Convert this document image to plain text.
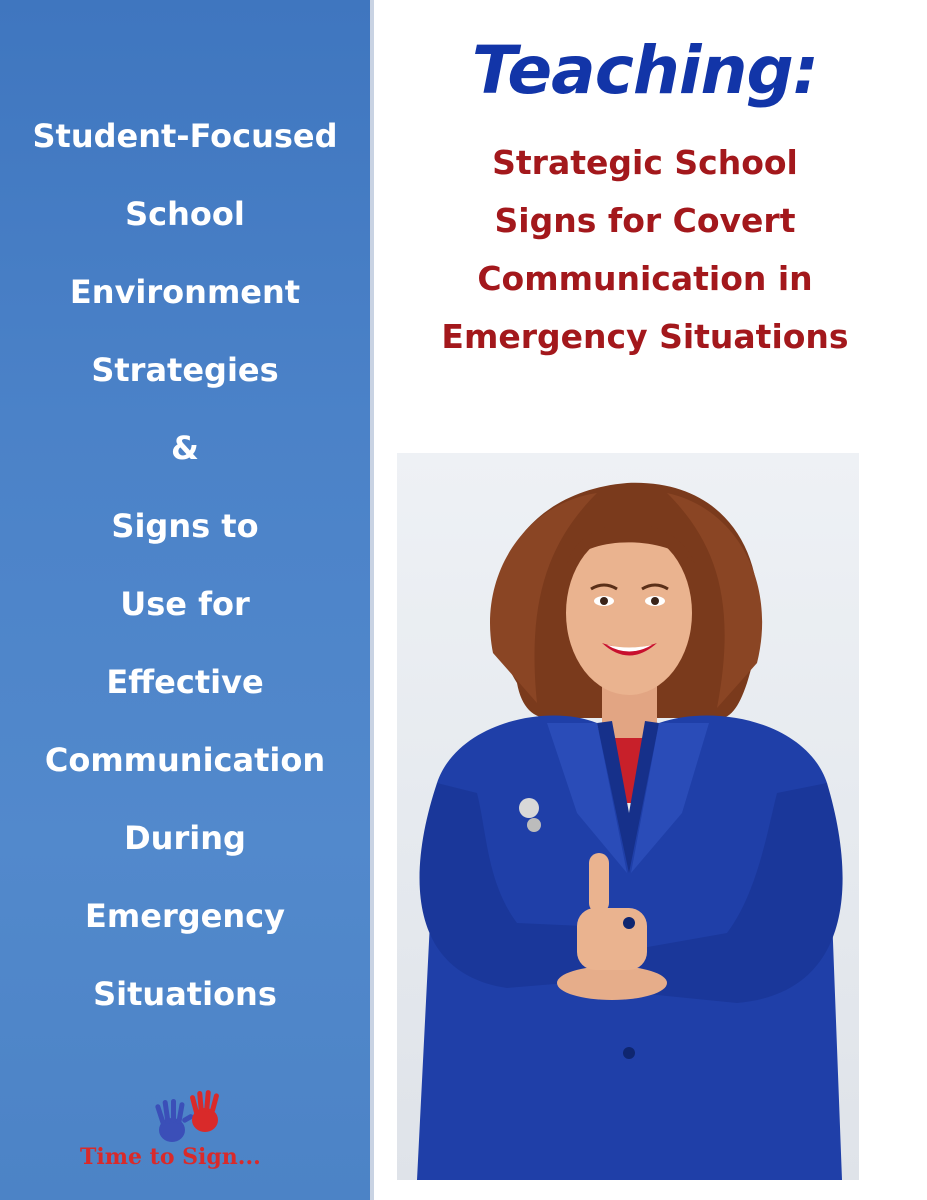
Student-Focused
School
Environment
Strategies
&
Signs to
Use for
Effective
Communication
During
Emergency
Situations
Time to Sign...
Teaching:
Strategic School
Signs for Covert
Communication in
Emergency Situations
